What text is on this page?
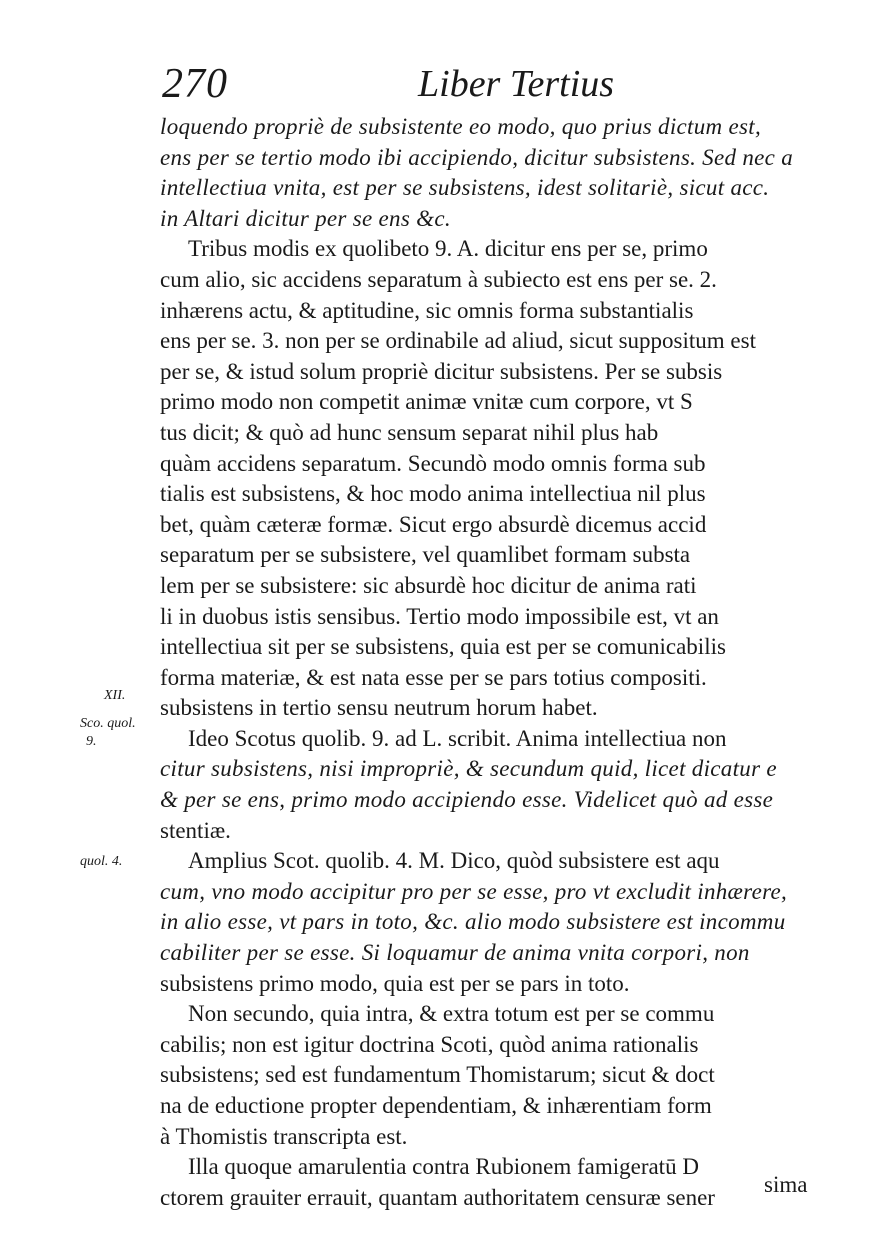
270	Liber Tertius
XII.
Sco. quol.
9.
quol. 4.
loquendo propriè de subsistente eo modo, quo prius dictum est,
ens per se tertio modo ibi accipiendo, dicitur subsistens. Sed nec a
intellectiua vnita, est per se subsistens, idest solitariè, sicut acc.
in Altari dicitur per se ens &c.
Tribus modis ex quolibeto 9. A. dicitur ens per se, primo
cum alio, sic accidens separatum à subiecto est ens per se. 2.
inhærens actu, & aptitudine, sic omnis forma substantialis
ens per se. 3. non per se ordinabile ad aliud, sicut suppositum est
per se, & istud solum propriè dicitur subsistens. Per se subsis
primo modo non competit animæ vnitæ cum corpore, vt S
tus dicit; & quò ad hunc sensum separat nihil plus hab
quàm accidens separatum. Secundò modo omnis forma sub
tialis est subsistens, & hoc modo anima intellectiua nil plus
bet, quàm cæteræ formæ. Sicut ergo absurdè dicemus accid
separatum per se subsistere, vel quamlibet formam substa
lem per se subsistere: sic absurdè hoc dicitur de anima rati
li in duobus istis sensibus. Tertio modo impossibile est, vt an
intellectiua sit per se subsistens, quia est per se comunicabilis
forma materiæ, & est nata esse per se pars totius compositi.
subsistens in tertio sensu neutrum horum habet.
Ideo Scotus quolib. 9. ad L. scribit. Anima intellectiua non
citur subsistens, nisi impropriè, & secundum quid, licet dicatur e
& per se ens, primo modo accipiendo esse. Videlicet quò ad esse
stentiæ.
Amplius Scot. quolib. 4. M. Dico, quòd subsistere est aqu
cum, vno modo accipitur pro per se esse, pro vt excludit inhærere,
in alio esse, vt pars in toto, &c. alio modo subsistere est incommu
cabiliter per se esse. Si loquamur de anima vnita corpori, non
subsistens primo modo, quia est per se pars in toto.
Non secundo, quia intra, & extra totum est per se commu
cabilis; non est igitur doctrina Scoti, quòd anima rationalis
subsistens; sed est fundamentum Thomistarum; sicut & doct
na de eductione propter dependentiam, & inhærentiam form
à Thomistis transcripta est.
Illa quoque amarulentia contra Rubionem famigeratū D
ctorem grauiter errauit, quantam authoritatem censuræ sener
sima
